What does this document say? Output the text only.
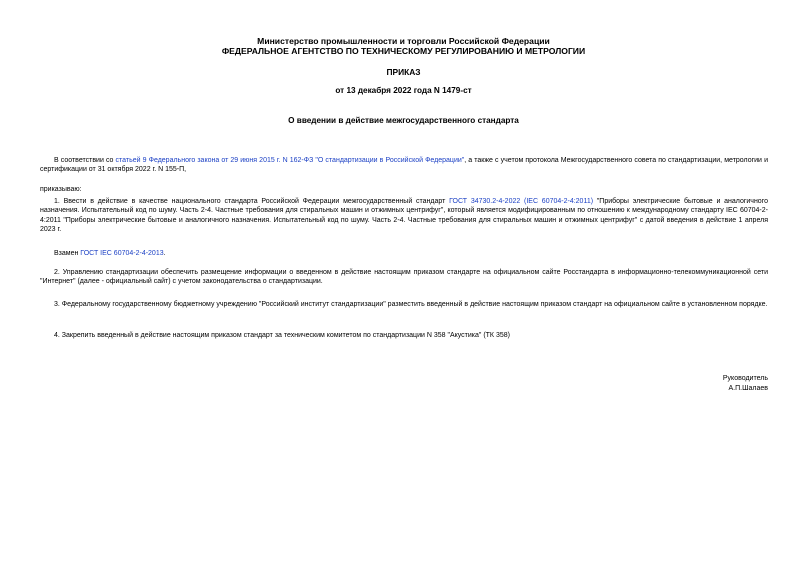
Министерство промышленности и торговли Российской Федерации
ФЕДЕРАЛЬНОЕ АГЕНТСТВО ПО ТЕХНИЧЕСКОМУ РЕГУЛИРОВАНИЮ И МЕТРОЛОГИИ
ПРИКАЗ
от 13 декабря 2022 года N 1479-ст
О введении в действие межгосударственного стандарта

В соответствии со статьей 9 Федерального закона от 29 июня 2015 г. N 162-ФЗ "О стандартизации в Российской Федерации", а также с учетом протокола Межгосударственного совета по стандартизации, метрологии и сертификации от 31 октября 2022 г. N 155-П,

приказываю:

1. Ввести в действие в качестве национального стандарта Российской Федерации межгосударственный стандарт ГОСТ 34730.2-4-2022 (IEC 60704-2-4:2011) "Приборы электрические бытовые и аналогичного назначения. Испытательный код по шуму. Часть 2-4. Частные требования для стиральных машин и отжимных центрифуг", который является модифицированным по отношению к международному стандарту IEC 60704-2-4:2011 "Приборы электрические бытовые и аналогичного назначения. Испытательный код по шуму. Часть 2-4. Частные требования для стиральных машин и отжимных центрифуг" с датой введения в действие 1 апреля 2023 г.

Взамен ГОСТ IEC 60704-2-4-2013.

2. Управлению стандартизации обеспечить размещение информации о введенном в действие настоящим приказом стандарте на официальном сайте Росстандарта в информационно-телекоммуникационной сети "Интернет" (далее - официальный сайт) с учетом законодательства о стандартизации.

3. Федеральному государственному бюджетному учреждению "Российский институт стандартизации" разместить введенный в действие настоящим приказом стандарт на официальном сайте в установленном порядке.

4. Закрепить введенный в действие настоящим приказом стандарт за техническим комитетом по стандартизации N 358 "Акустика" (ТК 358)

Руководитель
А.П.Шалаев
